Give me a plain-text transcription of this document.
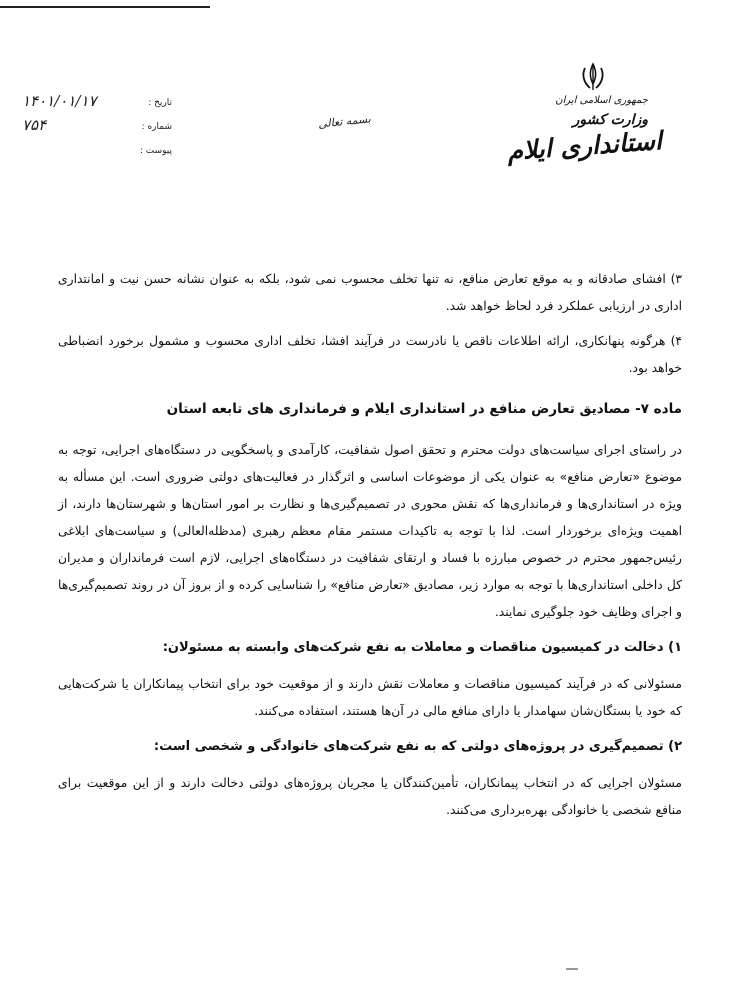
تاریخ :
۱۴۰۱/۰۱/۱۷
شماره :
۷۵۴
پیوست :
بسمه تعالی
جمهوری اسلامی ایران
وزارت کشور
استانداری ایلام

۳) افشای صادقانه و به موقع تعارض منافع، نه تنها تخلف محسوب نمی شود، بلکه به عنوان نشانه حسن نیت و امانتداری اداری در ارزیابی عملکرد فرد لحاظ خواهد شد.

۴) هرگونه پنهانکاری، ارائه اطلاعات ناقص یا نادرست در فرآیند افشا، تخلف اداری محسوب و مشمول برخورد انضباطی خواهد بود.

ماده ۷- مصادیق تعارض منافع در استانداری ایلام و فرمانداری های تابعه استان

در راستای اجرای سیاست‌های دولت محترم و تحقق اصول شفافیت، کارآمدی و پاسخگویی در دستگاه‌های اجرایی، توجه به موضوع «تعارض منافع» به عنوان یکی از موضوعات اساسی و اثرگذار در فعالیت‌های دولتی ضروری است. این مسأله به ویژه در استانداری‌ها و فرمانداری‌ها که نقش محوری در تصمیم‌گیری‌ها و نظارت بر امور استان‌ها و شهرستان‌ها دارند، از اهمیت ویژه‌ای برخوردار است. لذا با توجه به تاکیدات مستمر مقام معظم رهبری (مدظله‌العالی) و سیاست‌های ابلاغی رئیس‌جمهور محترم در خصوص مبارزه با فساد و ارتقای شفافیت در دستگاه‌های اجرایی، لازم است فرمانداران و مدیران کل داخلی استانداری‌ها با توجه به موارد زیر، مصادیق «تعارض منافع» را شناسایی کرده و از بروز آن در روند تصمیم‌گیری‌ها و اجرای وظایف خود جلوگیری نمایند.

۱) دخالت در کمیسیون مناقصات و معاملات به نفع شرکت‌های وابسته به مسئولان:

مسئولانی که در فرآیند کمیسیون مناقصات و معاملات نقش دارند و از موقعیت خود برای انتخاب پیمانکاران یا شرکت‌هایی که خود یا بستگان‌شان سهامدار یا دارای منافع مالی در آن‌ها هستند، استفاده می‌کنند.

۲) تصمیم‌گیری در پروژه‌های دولتی که به نفع شرکت‌های خانوادگی و شخصی است:

مسئولان اجرایی که در انتخاب پیمانکاران، تأمین‌کنندگان یا مجریان پروژه‌های دولتی دخالت دارند و از این موقعیت برای منافع شخصی یا خانوادگی بهره‌برداری می‌کنند.
